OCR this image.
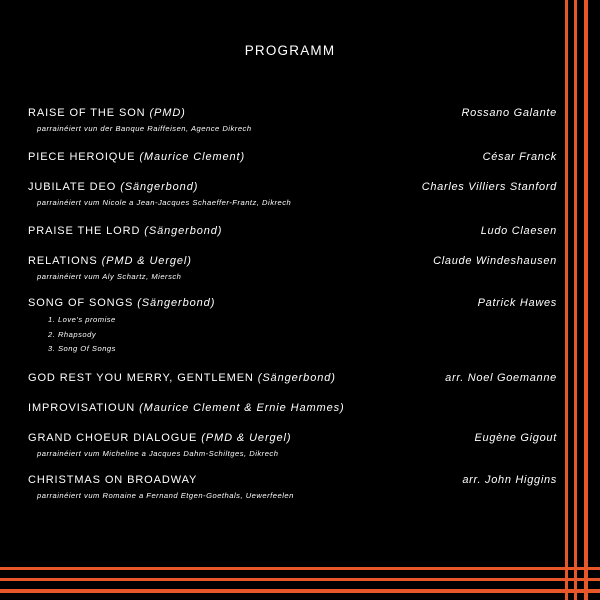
PROGRAMM
RAISE OF THE SON (PMD)	Rossano Galante
parrainéiert vun der Banque Raiffeisen, Agence Dikrech
PIECE HEROIQUE (Maurice Clement)	César Franck
JUBILATE DEO (Sängerbond)	Charles Villiers Stanford
parrainéiert vum Nicole a Jean-Jacques Schaeffer-Frantz, Dikrech
PRAISE THE LORD (Sängerbond)	Ludo Claesen
RELATIONS (PMD & Uergel)	Claude Windeshausen
parrainéiert vum Aly Schartz, Miersch
SONG OF SONGS (Sängerbond)	Patrick Hawes
1. Love's promise
2. Rhapsody
3. Song Of Songs
GOD REST YOU MERRY, GENTLEMEN (Sängerbond)	arr. Noel Goemanne
IMPROVISATIOUN (Maurice Clement & Ernie Hammes)
GRAND CHOEUR DIALOGUE (PMD & Uergel)	Eugène Gigout
parrainéiert vum Micheline a Jacques Dahm-Schiltges, Dikrech
CHRISTMAS ON BROADWAY	arr. John Higgins
parrainéiert vum Romaine a Fernand Etgen-Goethals, Uewerfeelen
